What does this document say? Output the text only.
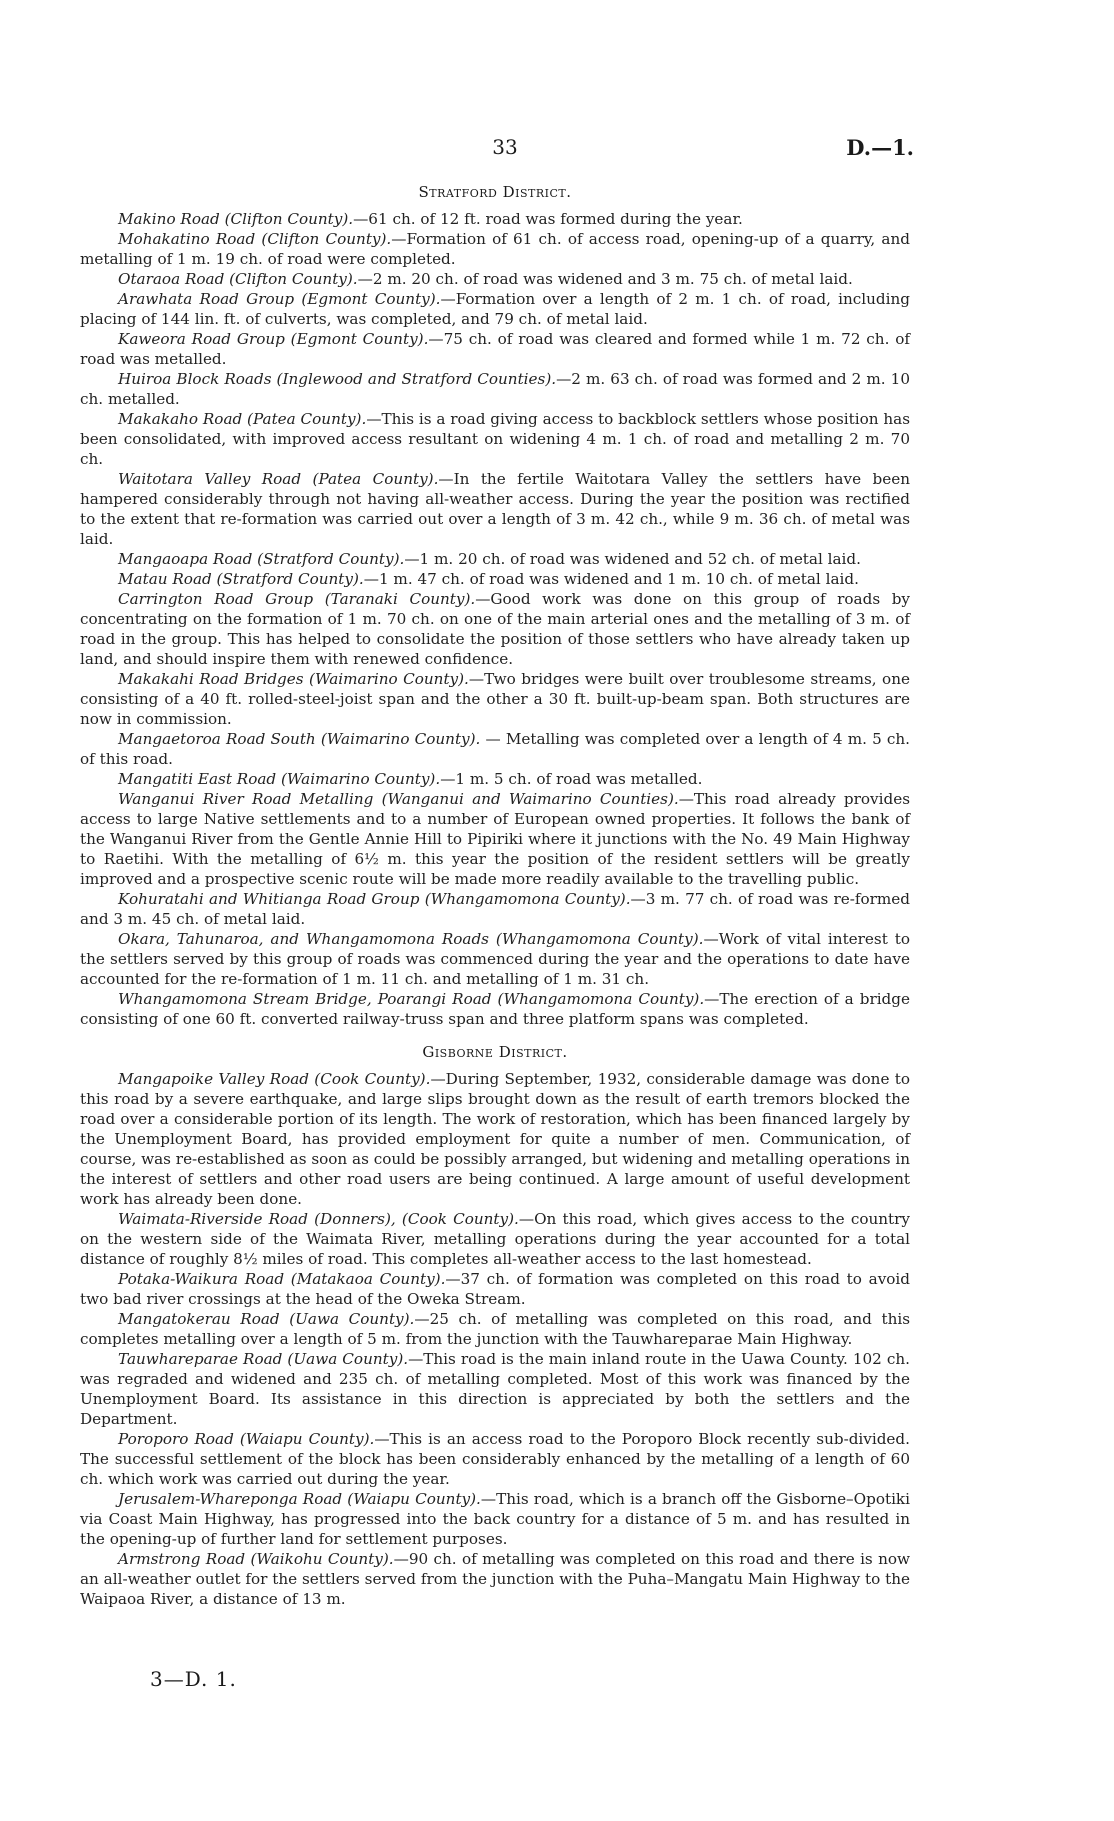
33	D.—1.
Stratford District.

Makino Road (Clifton County).—61 ch. of 12 ft. road was formed during the year.

Mohakatino Road (Clifton County).—Formation of 61 ch. of access road, opening-up of a quarry, and metalling of 1 m. 19 ch. of road were completed.

Otaraoa Road (Clifton County).—2 m. 20 ch. of road was widened and 3 m. 75 ch. of metal laid.

Arawhata Road Group (Egmont County).—Formation over a length of 2 m. 1 ch. of road, including placing of 144 lin. ft. of culverts, was completed, and 79 ch. of metal laid.

Kaweora Road Group (Egmont County).—75 ch. of road was cleared and formed while 1 m. 72 ch. of road was metalled.

Huiroa Block Roads (Inglewood and Stratford Counties).—2 m. 63 ch. of road was formed and 2 m. 10 ch. metalled.

Makakaho Road (Patea County).—This is a road giving access to backblock settlers whose position has been consolidated, with improved access resultant on widening 4 m. 1 ch. of road and metalling 2 m. 70 ch.

Waitotara Valley Road (Patea County).—In the fertile Waitotara Valley the settlers have been hampered considerably through not having all-weather access. During the year the position was rectified to the extent that re-formation was carried out over a length of 3 m. 42 ch., while 9 m. 36 ch. of metal was laid.

Mangaoapa Road (Stratford County).—1 m. 20 ch. of road was widened and 52 ch. of metal laid.

Matau Road (Stratford County).—1 m. 47 ch. of road was widened and 1 m. 10 ch. of metal laid.

Carrington Road Group (Taranaki County).—Good work was done on this group of roads by concentrating on the formation of 1 m. 70 ch. on one of the main arterial ones and the metalling of 3 m. of road in the group. This has helped to consolidate the position of those settlers who have already taken up land, and should inspire them with renewed confidence.

Makakahi Road Bridges (Waimarino County).—Two bridges were built over troublesome streams, one consisting of a 40 ft. rolled-steel-joist span and the other a 30 ft. built-up-beam span. Both structures are now in commission.

Mangaetoroa Road South (Waimarino County). — Metalling was completed over a length of 4 m. 5 ch. of this road.

Mangatiti East Road (Waimarino County).—1 m. 5 ch. of road was metalled.

Wanganui River Road Metalling (Wanganui and Waimarino Counties).—This road already provides access to large Native settlements and to a number of European owned properties. It follows the bank of the Wanganui River from the Gentle Annie Hill to Pipiriki where it junctions with the No. 49 Main Highway to Raetihi. With the metalling of 6½ m. this year the position of the resident settlers will be greatly improved and a prospective scenic route will be made more readily available to the travelling public.

Kohuratahi and Whitianga Road Group (Whangamomona County).—3 m. 77 ch. of road was re-formed and 3 m. 45 ch. of metal laid.

Okara, Tahunaroa, and Whangamomona Roads (Whangamomona County).—Work of vital interest to the settlers served by this group of roads was commenced during the year and the operations to date have accounted for the re-formation of 1 m. 11 ch. and metalling of 1 m. 31 ch.

Whangamomona Stream Bridge, Poarangi Road (Whangamomona County).—The erection of a bridge consisting of one 60 ft. converted railway-truss span and three platform spans was completed.

Gisborne District.

Mangapoike Valley Road (Cook County).—During September, 1932, considerable damage was done to this road by a severe earthquake, and large slips brought down as the result of earth tremors blocked the road over a considerable portion of its length. The work of restoration, which has been financed largely by the Unemployment Board, has provided employment for quite a number of men. Communication, of course, was re-established as soon as could be possibly arranged, but widening and metalling operations in the interest of settlers and other road users are being continued. A large amount of useful development work has already been done.

Waimata-Riverside Road (Donners), (Cook County).—On this road, which gives access to the country on the western side of the Waimata River, metalling operations during the year accounted for a total distance of roughly 8½ miles of road. This completes all-weather access to the last homestead.

Potaka-Waikura Road (Matakaoa County).—37 ch. of formation was completed on this road to avoid two bad river crossings at the head of the Oweka Stream.

Mangatokerau Road (Uawa County).—25 ch. of metalling was completed on this road, and this completes metalling over a length of 5 m. from the junction with the Tauwhareparae Main Highway.

Tauwhareparae Road (Uawa County).—This road is the main inland route in the Uawa County. 102 ch. was regraded and widened and 235 ch. of metalling completed. Most of this work was financed by the Unemployment Board. Its assistance in this direction is appreciated by both the settlers and the Department.

Poroporo Road (Waiapu County).—This is an access road to the Poroporo Block recently sub-divided. The successful settlement of the block has been considerably enhanced by the metalling of a length of 60 ch. which work was carried out during the year.

Jerusalem-Whareponga Road (Waiapu County).—This road, which is a branch off the Gisborne–Opotiki via Coast Main Highway, has progressed into the back country for a distance of 5 m. and has resulted in the opening-up of further land for settlement purposes.

Armstrong Road (Waikohu County).—90 ch. of metalling was completed on this road and there is now an all-weather outlet for the settlers served from the junction with the Puha–Mangatu Main Highway to the Waipaoa River, a distance of 13 m.

3—D. 1.
